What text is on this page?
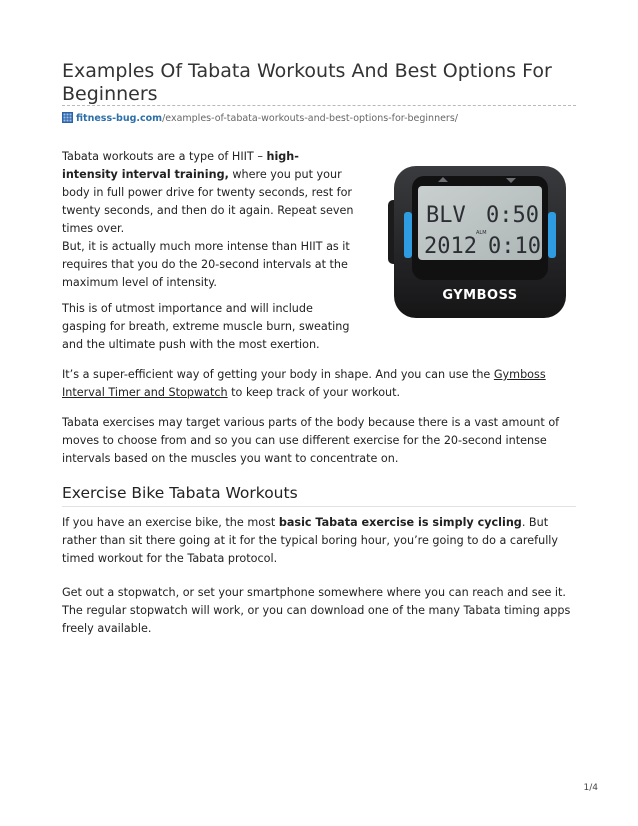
Examples Of Tabata Workouts And Best Options For Beginners
fitness-bug.com/examples-of-tabata-workouts-and-best-options-for-beginners/

Tabata workouts are a type of HIIT – high-intensity interval training, where you put your body in full power drive for twenty seconds, rest for twenty seconds, and then do it again. Repeat seven times over.
But, it is actually much more intense than HIIT as it requires that you do the 20-second intervals at the maximum level of intensity.

This is of utmost importance and will include gasping for breath, extreme muscle burn, sweating and the ultimate push with the most exertion.

It’s a super-efficient way of getting your body in shape. And you can use the Gymboss Interval Timer and Stopwatch to keep track of your workout.

Tabata exercises may target various parts of the body because there is a vast amount of moves to choose from and so you can use different exercise for the 20-second intense intervals based on the muscles you want to concentrate on.

Exercise Bike Tabata Workouts

If you have an exercise bike, the most basic Tabata exercise is simply cycling. But rather than sit there going at it for the typical boring hour, you’re going to do a carefully timed workout for the Tabata protocol.

Get out a stopwatch, or set your smartphone somewhere where you can reach and see it. The regular stopwatch will work, or you can download one of the many Tabata timing apps freely available.

BLV 0:50
2012
ALM
0:10
GYMBOSS
1/4
